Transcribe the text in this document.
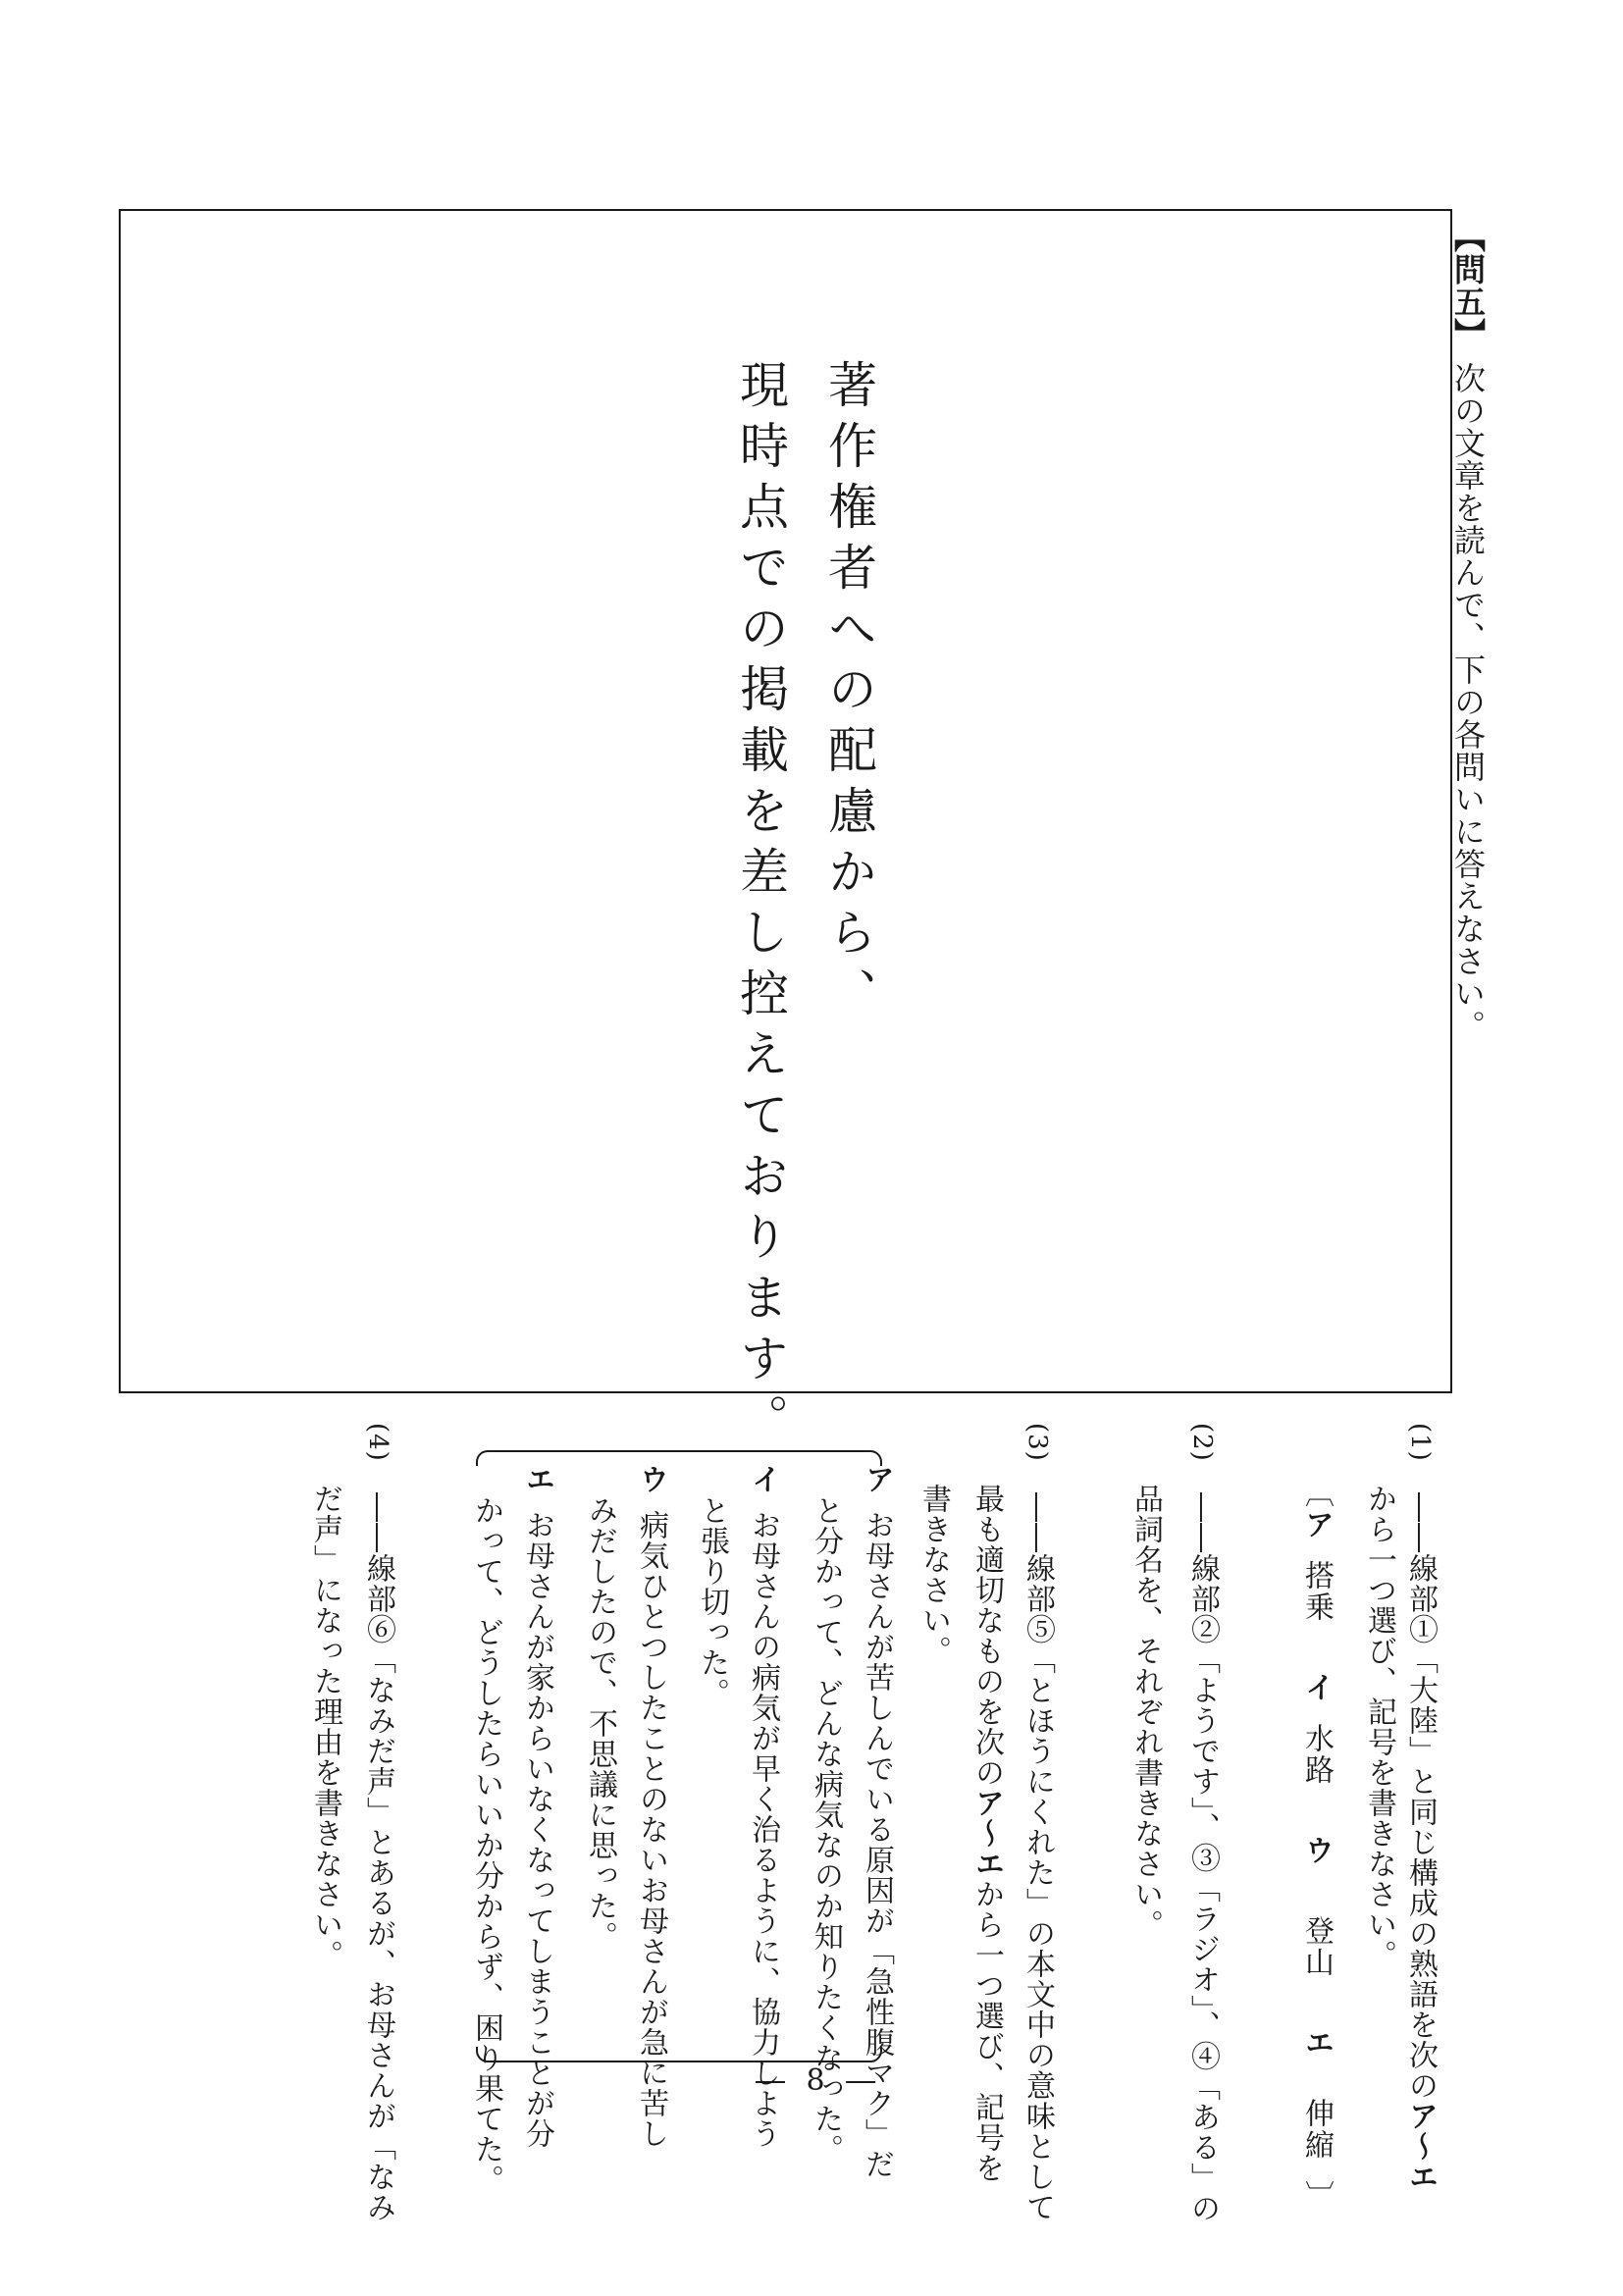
【問五】次の文章を読んで、下の各問いに答えなさい。
著作権者への配慮から、
現時点での掲載を差し控えております。	(1)  ――線部①「大陸」と同じ構成の熟語を次のア～エ
から一つ選び、記号を書きなさい。
〔ア搭乗イ水路ウ登山エ伸縮〕
(2)  ――線部②「ようです」、③「ラジオ」、④「ある」の
品詞名を、それぞれ書きなさい。
(3)  ――線部⑤「とほうにくれた」の本文中の意味として
最も適切なものを次のア～エから一つ選び、記号を
書きなさい。
アお母さんが苦しんでいる原因が「急性腹マク」だ
と分かって、どんな病気なのか知りたくなった。
イお母さんの病気が早く治るように、協力しよう
と張り切った。
ウ病気ひとつしたことのないお母さんが急に苦し
みだしたので、不思議に思った。
エお母さんが家からいなくなってしまうことが分
かって、どうしたらいいか分からず、困り果てた。
(4)  ――線部⑥「なみだ声」とあるが、お母さんが「なみ
だ声」になった理由を書きなさい。
― 8 ―
